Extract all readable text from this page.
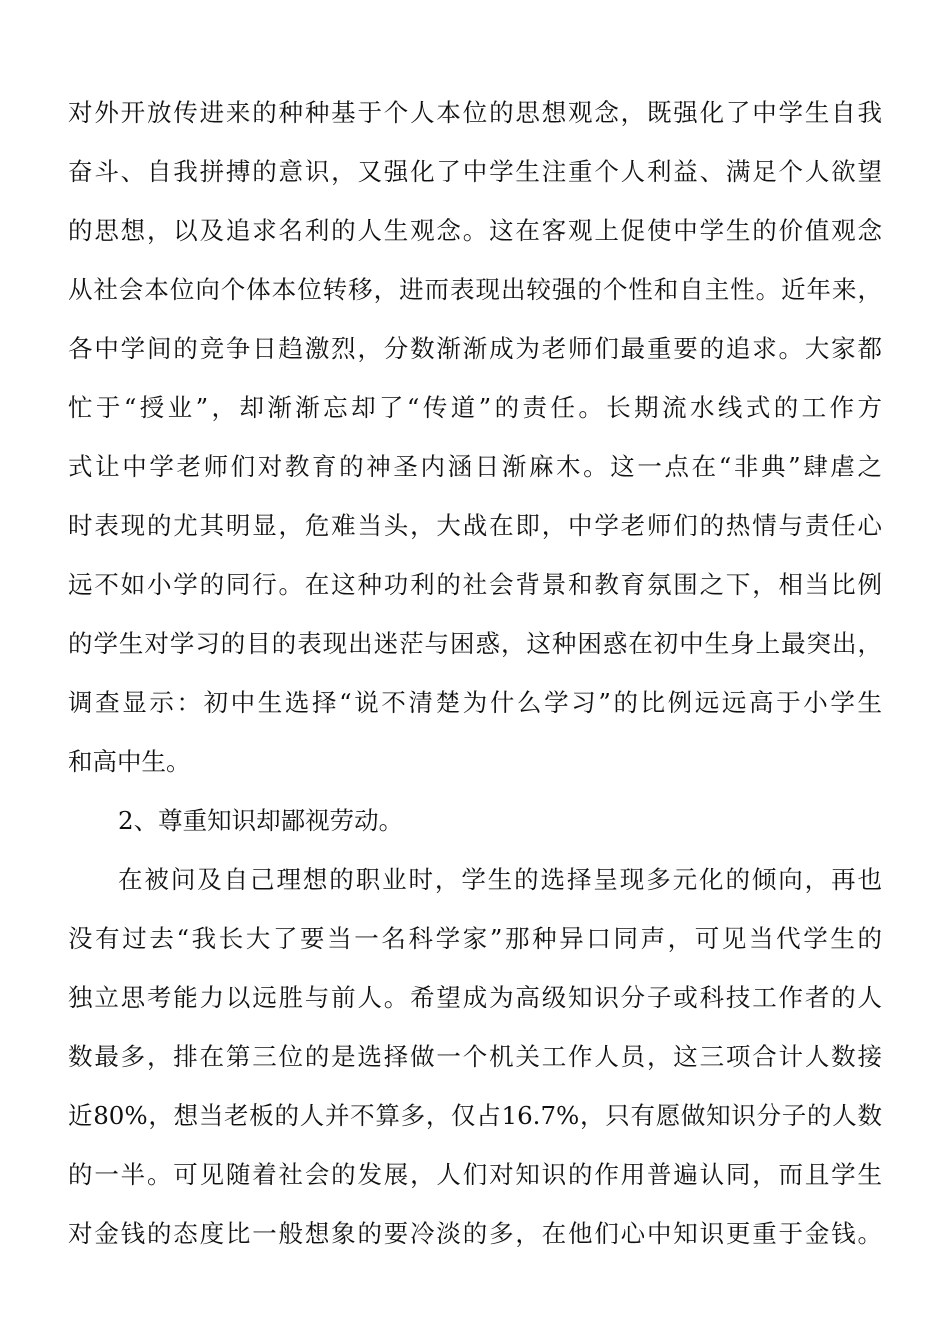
对外开放传进来的种种基于个人本位的思想观念，既强化了中学生自我
奋斗、自我拼搏的意识，又强化了中学生注重个人利益、满足个人欲望
的思想，以及追求名利的人生观念。这在客观上促使中学生的价值观念
从社会本位向个体本位转移，进而表现出较强的个性和自主性。近年来，
各中学间的竞争日趋激烈，分数渐渐成为老师们最重要的追求。大家都
忙于“授业”，却渐渐忘却了“传道”的责任。长期流水线式的工作方
式让中学老师们对教育的神圣内涵日渐麻木。这一点在“非典”肆虐之
时表现的尤其明显，危难当头，大战在即，中学老师们的热情与责任心
远不如小学的同行。在这种功利的社会背景和教育氛围之下，相当比例
的学生对学习的目的表现出迷茫与困惑，这种困惑在初中生身上最突出，
调查显示：初中生选择“说不清楚为什么学习”的比例远远高于小学生
和高中生。
2、尊重知识却鄙视劳动。
在被问及自己理想的职业时，学生的选择呈现多元化的倾向，再也
没有过去“我长大了要当一名科学家”那种异口同声，可见当代学生的
独立思考能力以远胜与前人。希望成为高级知识分子或科技工作者的人
数最多，排在第三位的是选择做一个机关工作人员，这三项合计人数接
近80%，想当老板的人并不算多，仅占16.7%，只有愿做知识分子的人数
的一半。可见随着社会的发展，人们对知识的作用普遍认同，而且学生
对金钱的态度比一般想象的要冷淡的多，在他们心中知识更重于金钱。
